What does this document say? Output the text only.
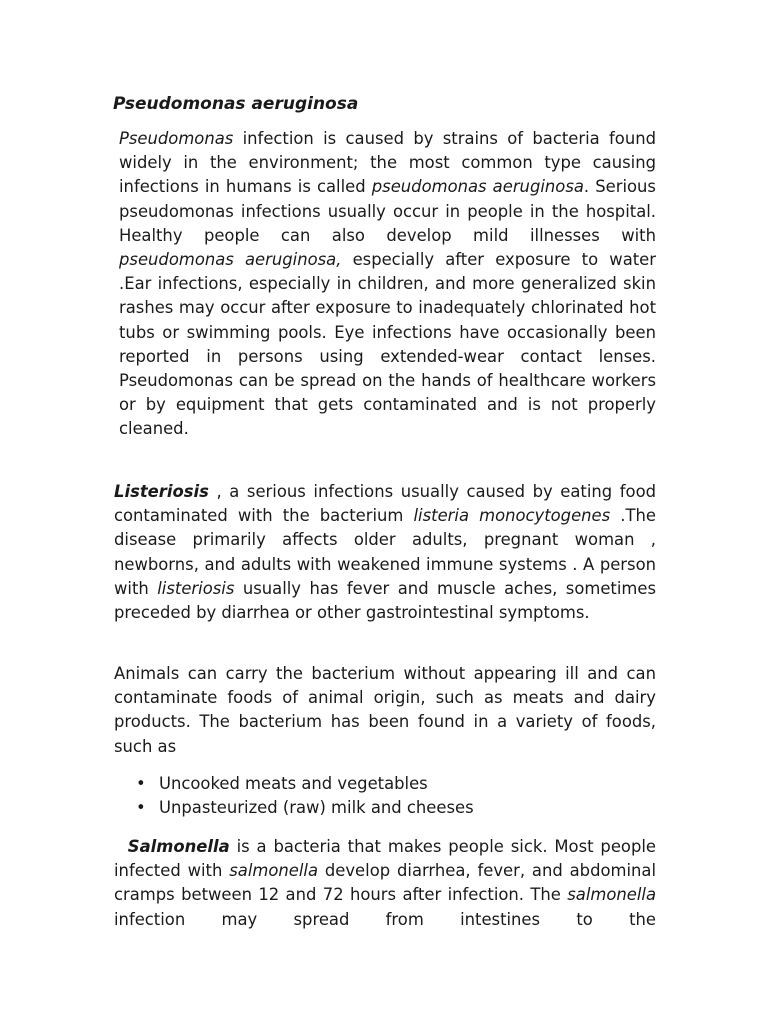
Pseudomonas aeruginosa

Pseudomonas infection is caused by strains of bacteria found widely in the environment; the most common type causing infections in humans is called pseudomonas aeruginosa. Serious pseudomonas infections usually occur in people in the hospital. Healthy people can also develop mild illnesses with pseudomonas aeruginosa, especially after exposure to water .Ear infections, especially in children, and more generalized skin rashes may occur after exposure to inadequately chlorinated hot tubs or swimming pools. Eye infections have occasionally been reported in persons using extended-wear contact lenses. Pseudomonas can be spread on the hands of healthcare workers or by equipment that gets contaminated and is not properly cleaned.

Listeriosis , a serious infections usually caused by eating food contaminated with the bacterium listeria monocytogenes .The disease primarily affects older adults, pregnant woman , newborns, and adults with weakened immune systems . A person with listeriosis usually has fever and muscle aches, sometimes preceded by diarrhea or other gastrointestinal symptoms.

Animals can carry the bacterium without appearing ill and can contaminate foods of animal origin, such as meats and dairy products. The bacterium has been found in a variety of foods, such as

• Uncooked meats and vegetables
• Unpasteurized (raw) milk and cheeses

Salmonella is a bacteria that makes people sick. Most people infected with salmonella develop diarrhea, fever, and abdominal cramps between 12 and 72 hours after infection. The salmonella infection may spread from intestines to the
